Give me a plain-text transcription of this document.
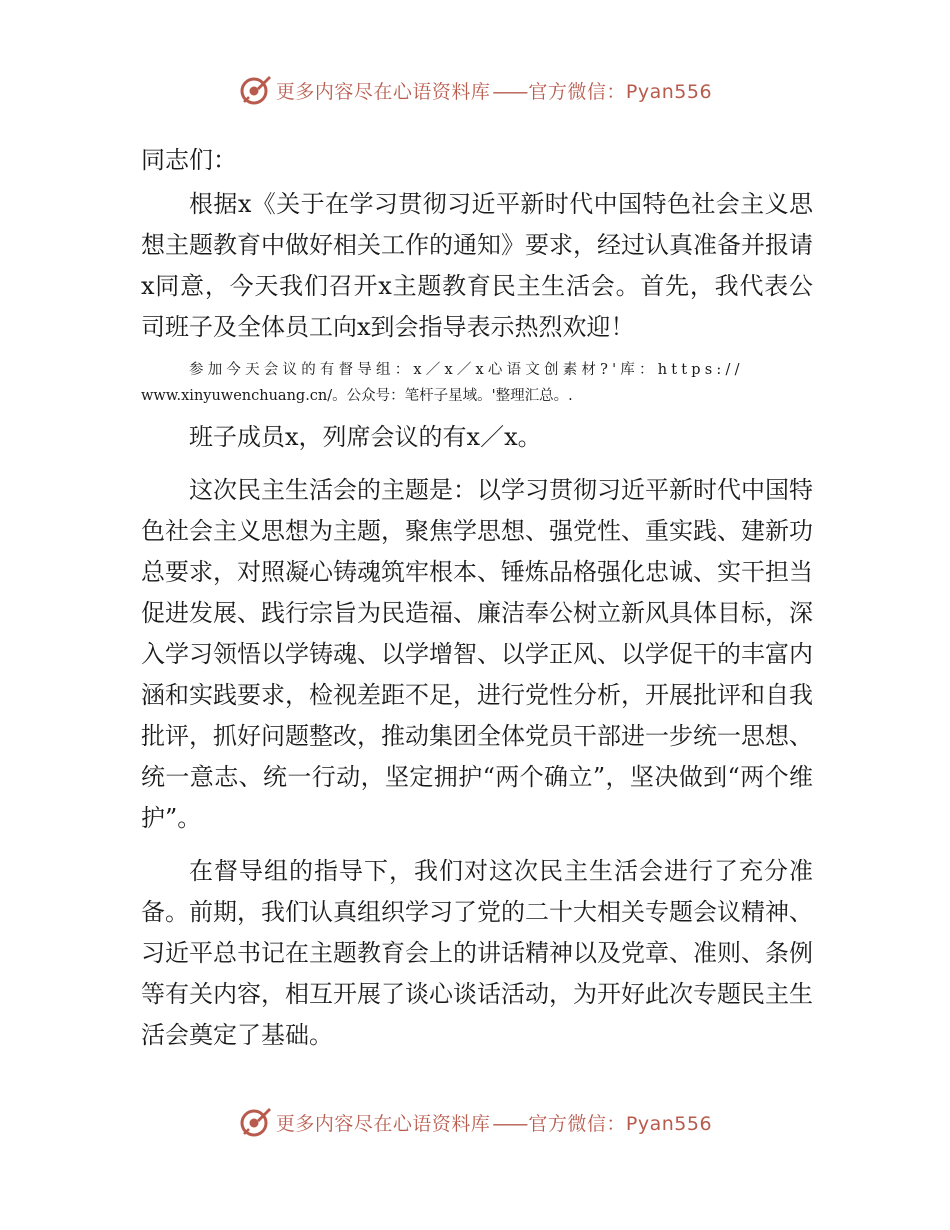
更多内容尽在心语资料库 —— 官方微信：Pyan556

同志们：

根据x《关于在学习贯彻习近平新时代中国特色社会主义思想主题教育中做好相关工作的通知》要求，经过认真准备并报请x同意，今天我们召开x主题教育民主生活会。首先，我代表公司班子及全体员工向x到会指导表示热烈欢迎！

参加今天会议的有督导组：x／x／x心语文创素材?'库：https://
www.xinyuwenchuang.cn/。公众号：笔杆子星域。'整理汇总。.

班子成员x，列席会议的有x／x。

这次民主生活会的主题是：以学习贯彻习近平新时代中国特色社会主义思想为主题，聚焦学思想、强党性、重实践、建新功总要求，对照凝心铸魂筑牢根本、锤炼品格强化忠诚、实干担当促进发展、践行宗旨为民造福、廉洁奉公树立新风具体目标，深入学习领悟以学铸魂、以学增智、以学正风、以学促干的丰富内涵和实践要求，检视差距不足，进行党性分析，开展批评和自我批评，抓好问题整改，推动集团全体党员干部进一步统一思想、统一意志、统一行动，坚定拥护“两个确立”，坚决做到“两个维护”。

在督导组的指导下，我们对这次民主生活会进行了充分准备。前期，我们认真组织学习了党的二十大相关专题会议精神、习近平总书记在主题教育会上的讲话精神以及党章、准则、条例等有关内容，相互开展了谈心谈话活动，为开好此次专题民主生活会奠定了基础。

更多内容尽在心语资料库 —— 官方微信：Pyan556
